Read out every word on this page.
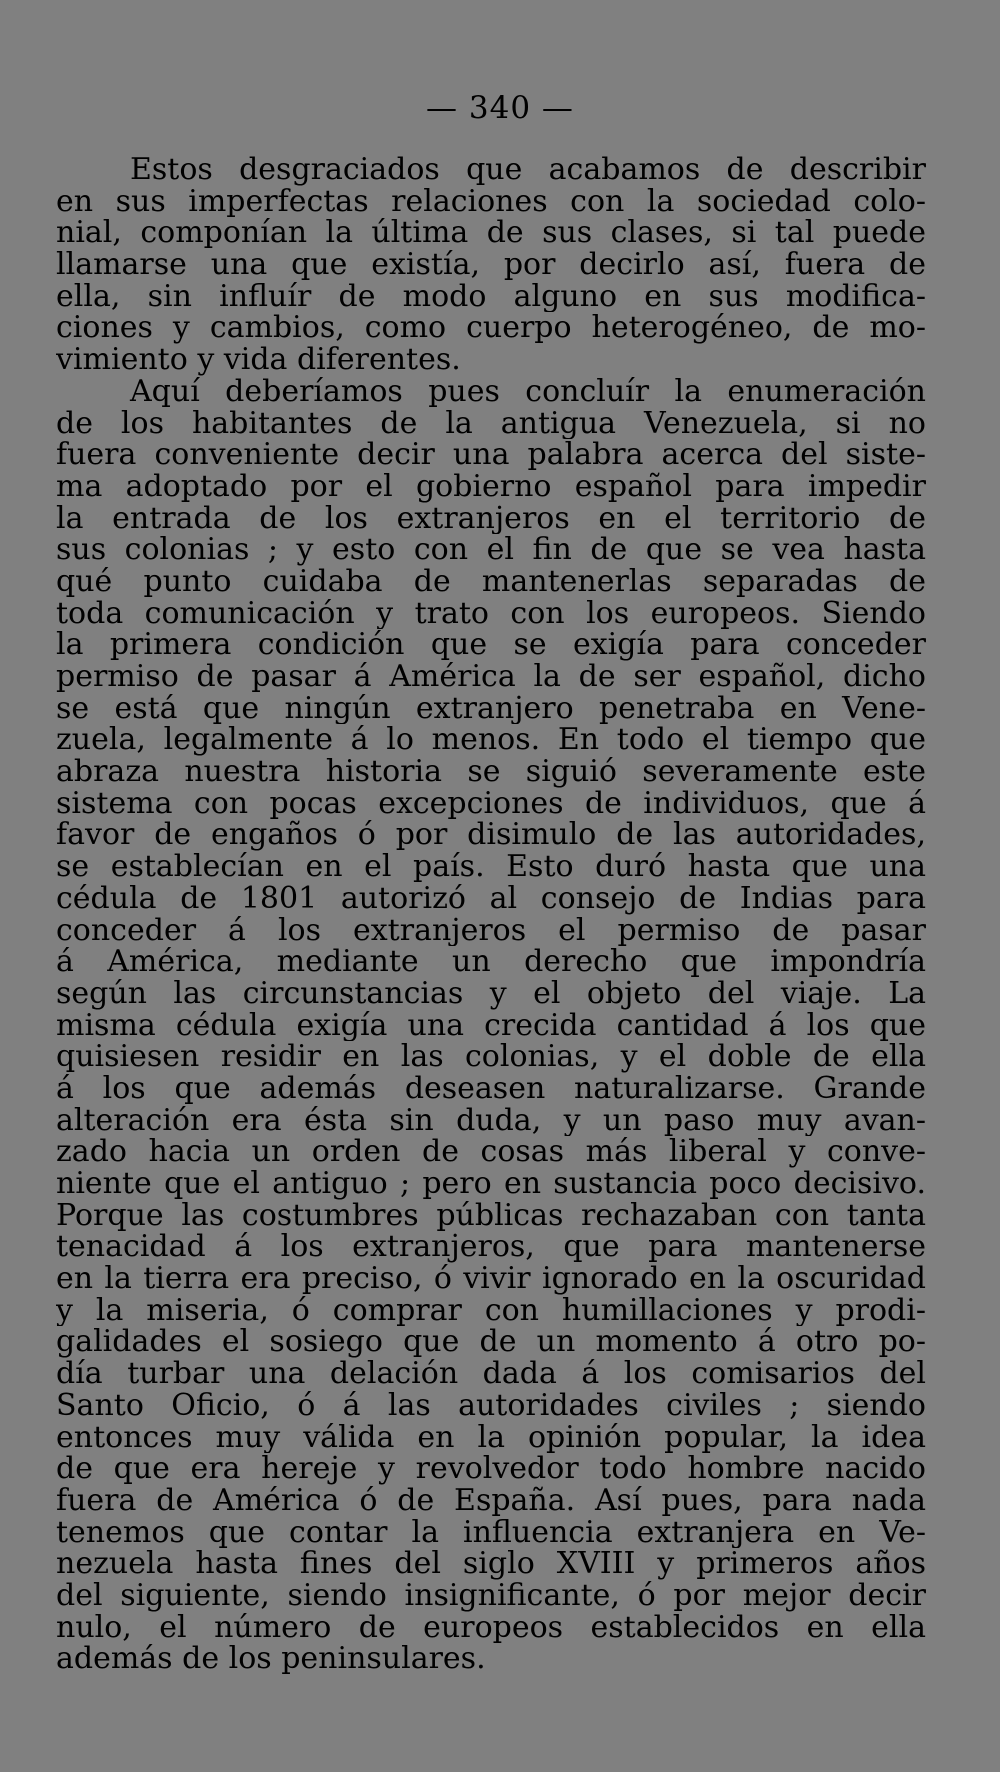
— 340 —
Estos desgraciados que acabamos de describir
en sus imperfectas relaciones con la sociedad colo-
nial, componían la última de sus clases, si tal puede
llamarse una que existía, por decirlo así, fuera de
ella, sin influír de modo alguno en sus modifica-
ciones y cambios, como cuerpo heterogéneo, de mo-
vimiento y vida diferentes.
Aquí deberíamos pues concluír la enumeración
de los habitantes de la antigua Venezuela, si no
fuera conveniente decir una palabra acerca del siste-
ma adoptado por el gobierno español para impedir
la entrada de los extranjeros en el territorio de
sus colonias ; y esto con el fin de que se vea hasta
qué punto cuidaba de mantenerlas separadas de
toda comunicación y trato con los europeos. Siendo
la primera condición que se exigía para conceder
permiso de pasar á América la de ser español, dicho
se está que ningún extranjero penetraba en Vene-
zuela, legalmente á lo menos. En todo el tiempo que
abraza nuestra historia se siguió severamente este
sistema con pocas excepciones de individuos, que á
favor de engaños ó por disimulo de las autoridades,
se establecían en el país. Esto duró hasta que una
cédula de 1801 autorizó al consejo de Indias para
conceder á los extranjeros el permiso de pasar
á América, mediante un derecho que impondría
según las circunstancias y el objeto del viaje. La
misma cédula exigía una crecida cantidad á los que
quisiesen residir en las colonias, y el doble de ella
á los que además deseasen naturalizarse. Grande
alteración era ésta sin duda, y un paso muy avan-
zado hacia un orden de cosas más liberal y conve-
niente que el antiguo ; pero en sustancia poco decisivo.
Porque las costumbres públicas rechazaban con tanta
tenacidad á los extranjeros, que para mantenerse
en la tierra era preciso, ó vivir ignorado en la oscuridad
y la miseria, ó comprar con humillaciones y prodi-
galidades el sosiego que de un momento á otro po-
día turbar una delación dada á los comisarios del
Santo Oficio, ó á las autoridades civiles ; siendo
entonces muy válida en la opinión popular, la idea
de que era hereje y revolvedor todo hombre nacido
fuera de América ó de España. Así pues, para nada
tenemos que contar la influencia extranjera en Ve-
nezuela hasta fines del siglo XVIII y primeros años
del siguiente, siendo insignificante, ó por mejor decir
nulo, el número de europeos establecidos en ella
además de los peninsulares.
